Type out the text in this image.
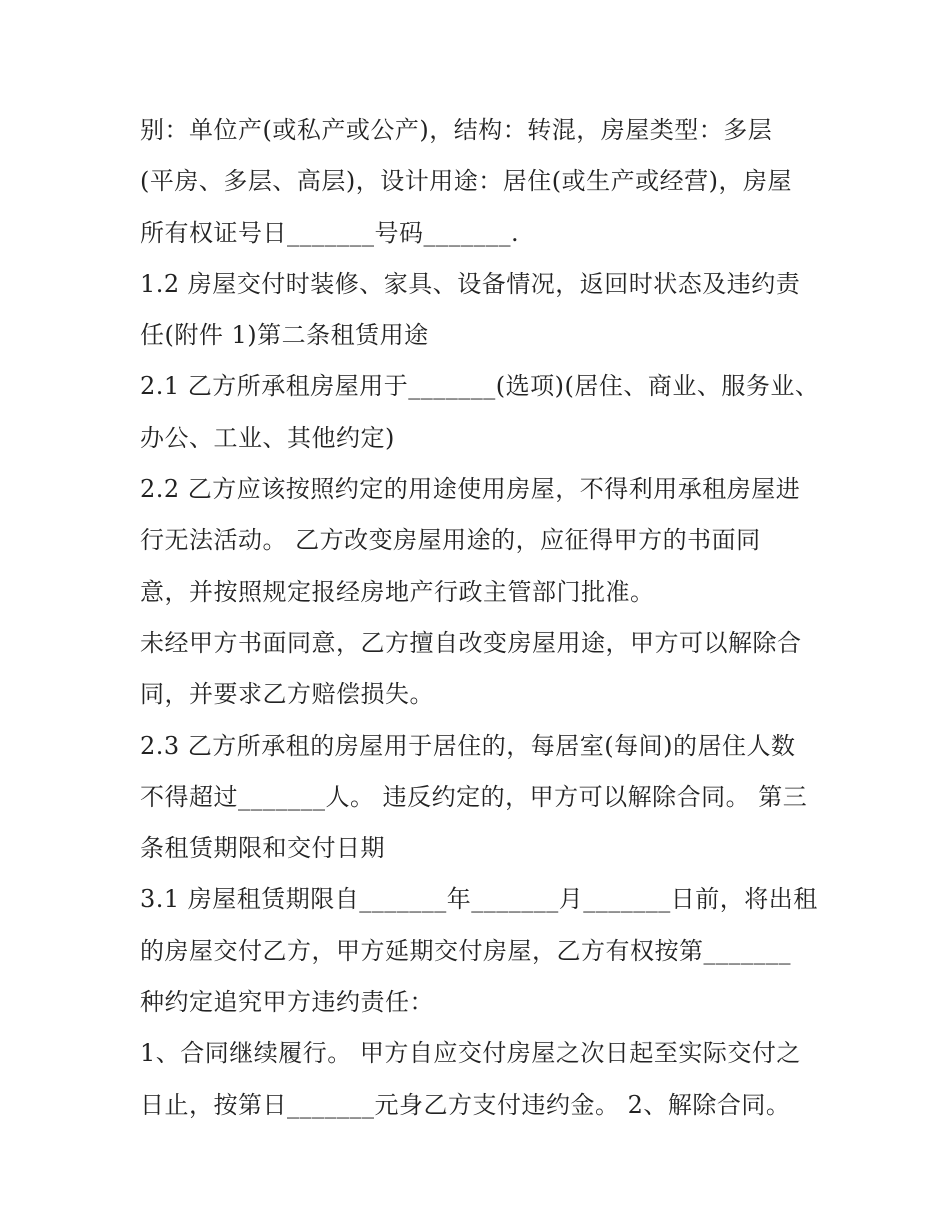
别：单位产(或私产或公产)，结构：转混，房屋类型：多层
(平房、多层、高层)，设计用途：居住(或生产或经营)，房屋
所有权证号日_______号码_______.
1.2 房屋交付时装修、家具、设备情况，返回时状态及违约责
任(附件 1)第二条租赁用途
2.1 乙方所承租房屋用于_______(选项)(居住、商业、服务业、
办公、工业、其他约定)
2.2 乙方应该按照约定的用途使用房屋，不得利用承租房屋进
行无法活动。 乙方改变房屋用途的，应征得甲方的书面同
意，并按照规定报经房地产行政主管部门批准。
未经甲方书面同意，乙方擅自改变房屋用途，甲方可以解除合
同，并要求乙方赔偿损失。
2.3 乙方所承租的房屋用于居住的，每居室(每间)的居住人数
不得超过_______人。 违反约定的，甲方可以解除合同。 第三
条租赁期限和交付日期
3.1 房屋租赁期限自_______年_______月_______日前，将出租
的房屋交付乙方，甲方延期交付房屋，乙方有权按第_______
种约定追究甲方违约责任：
1、合同继续履行。 甲方自应交付房屋之次日起至实际交付之
日止，按第日_______元身乙方支付违约金。 2、解除合同。
